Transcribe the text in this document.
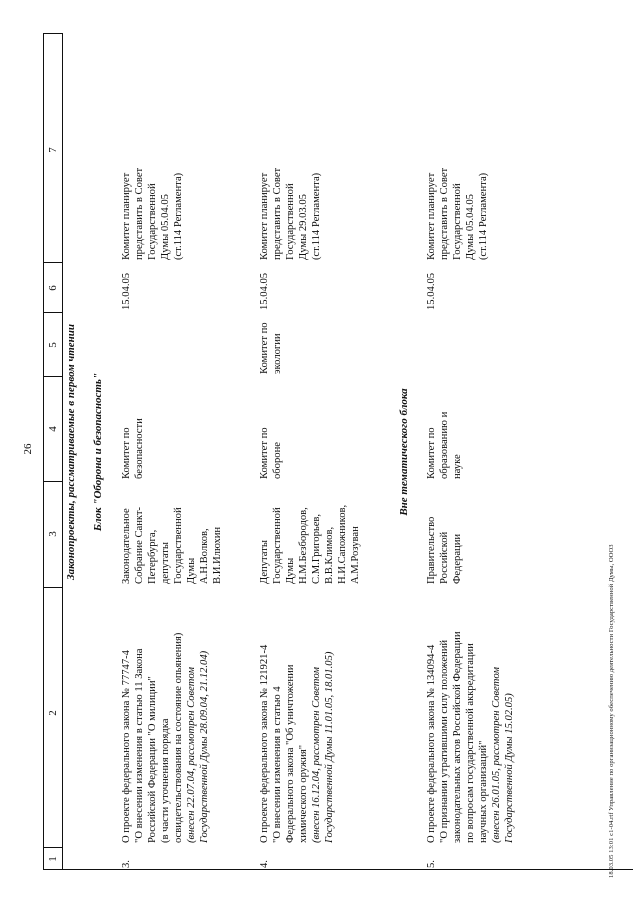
26
1
2
3
4
5
6
7
Законопроекты, рассматриваемые в первом чтении Блок "Оборона и безопасность"	Вне тематического блока
3.
О проекте федерального закона № 77747-4 "О внесении изменения в статью 11 Закона Российской Федерации "О милиции" (в части уточнения порядка освидетельствования на состояние опьянения) (внесен 22.07.04, рассмотрен Советом Государственной Думы 28.09.04, 21.12.04)
Законодательное Собрание Санкт- Петербурга, депутаты Государственной Думы А.Н.Волков, В.И.Илюхин
Комитет по безопасности
15.04.05
Комитет планирует представить в Совет Государственной Думы 05.04.05 (ст.114 Регламента)
4.
О проекте федерального закона № 121921-4 "О внесении изменения в статью 4 Федерального закона "Об уничтожении химического оружия" (внесен 16.12.04, рассмотрен Советом Государственной Думы 11.01.05, 18.01.05)
Депутаты Государственной Думы Н.М.Безбородов, С.М.Григорьев, В.В.Климов, Н.И.Сапожников, А.М.Розуван
Комитет по обороне
Комитет по экологии
15.04.05
Комитет планирует представить в Совет Государственной Думы 29.03.05 (ст.114 Регламента)
5.
О проекте федерального закона № 134094-4 "О признании утратившими силу положений законодательных актов Российской Федерации по вопросам государственной аккредитации научных организаций" (внесен 26.01.05, рассмотрен Советом Государственной Думы 15.02.05)
Правительство Российской Федерации
Комитет по образованию и науке
15.04.05
Комитет планирует представить в Совет Государственной Думы 05.04.05 (ст.114 Регламента)
18.03.05 13:01 c1-04.rtf Управление по организационному обеспечению деятельности Государственной Думы, ООО3
